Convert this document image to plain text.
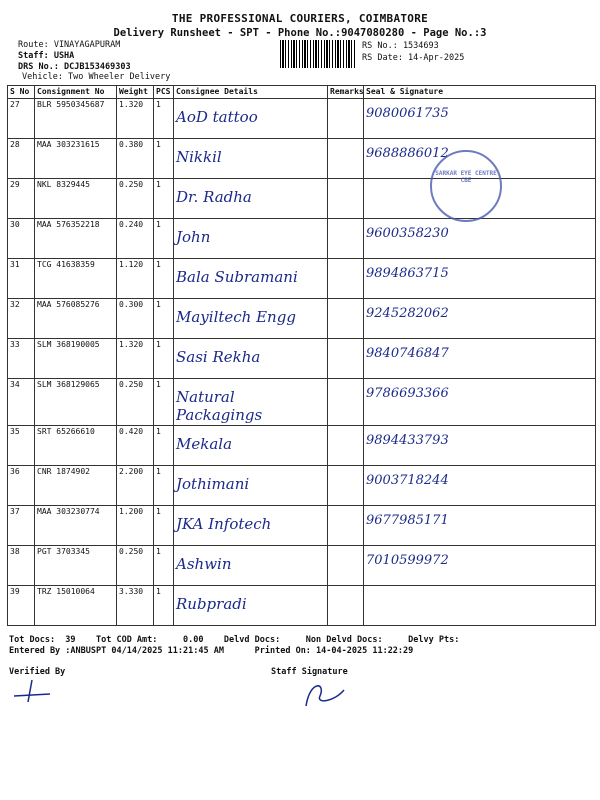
THE PROFESSIONAL COURIERS, COIMBATORE
Delivery Runsheet - SPT - Phone No.:9047080280 - Page No.:3
Route: VINAYAGAPURAM
Staff: USHA
DRS No.: DCJB153469303
Vehicle: Two Wheeler Delivery
RS No.: 1534693
RS Date: 14-Apr-2025
S No	Consignment No	Weight	PCS	Consignee Details	Remarks	Seal & Signature
27	BLR 5950345687	1.320	1	AoD tattoo		9080061735

28	MAA 303231615	0.380	1	Nikkil		9688886012

29	NKL 8329445	0.250	1	Dr. Radha		

30	MAA 576352218	0.240	1	John		9600358230

31	TCG 41638359	1.120	1	Bala Subramani		9894863715

32	MAA 576085276	0.300	1	Mayiltech Engg		9245282062

33	SLM 368190005	1.320	1	Sasi Rekha		9840746847

34	SLM 368129065	0.250	1	Natural Packagings		9786693366

35	SRT 65266610	0.420	1	Mekala		9894433793

36	CNR 1874902	2.200	1	Jothimani		9003718244

37	MAA 303230774	1.200	1	JKA Infotech		9677985171

38	PGT 3703345	0.250	1	Ashwin		7010599972

39	TRZ 15010064	3.330	1	Rubpradi		

SARKAR EYE CENTRE CBE
Tot Docs:  39    Tot COD Amt:     0.00    Delvd Docs:     Non Delvd Docs:     Delvy Pts:
Entered By :ANBUSPT 04/14/2025 11:21:45 AM      Printed On: 14-04-2025 11:22:29
Verified By	Staff Signature
